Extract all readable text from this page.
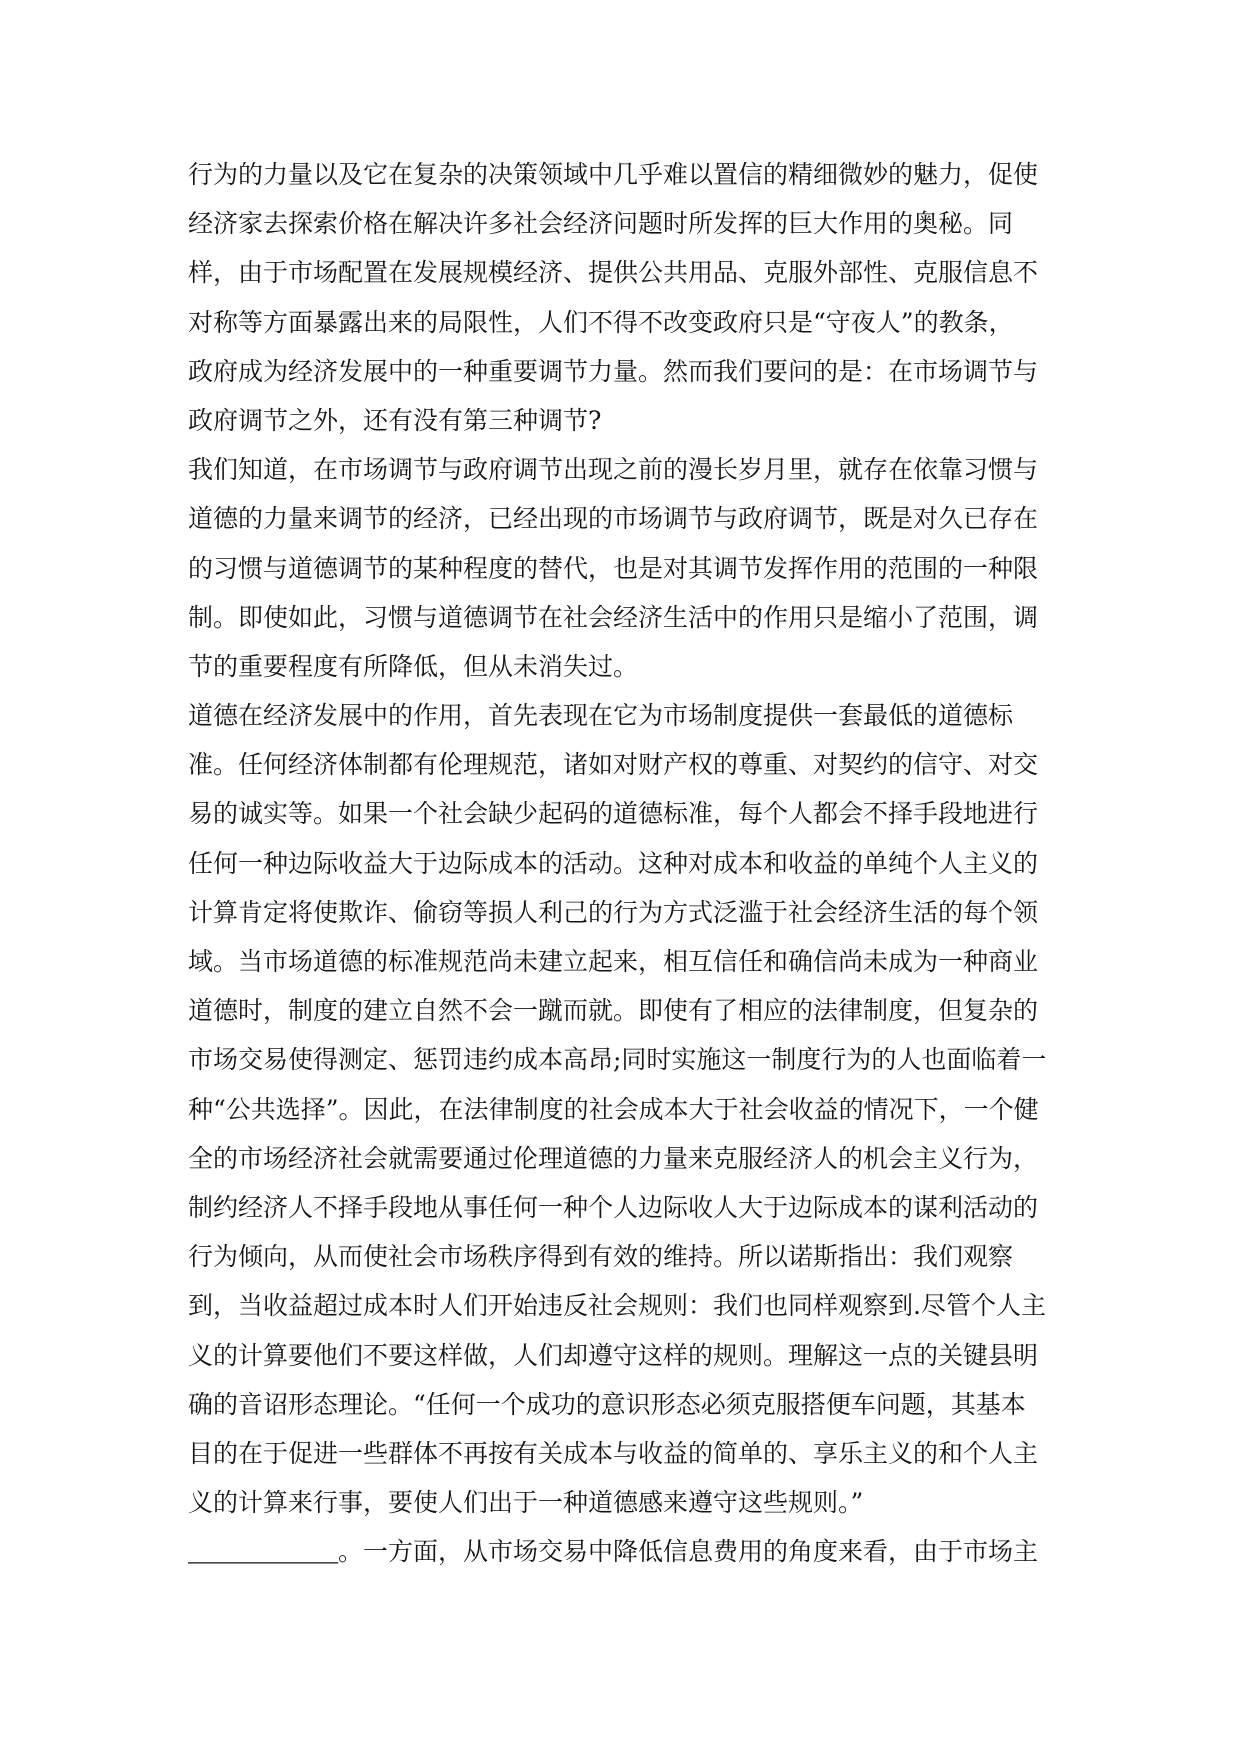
行为的力量以及它在复杂的决策领域中几乎难以置信的精细微妙的魅力，促使
经济家去探索价格在解决许多社会经济问题时所发挥的巨大作用的奥秘。同
样，由于市场配置在发展规模经济、提供公共用品、克服外部性、克服信息不
对称等方面暴露出来的局限性，人们不得不改变政府只是“守夜人”的教条，
政府成为经济发展中的一种重要调节力量。然而我们要问的是：在市场调节与
政府调节之外，还有没有第三种调节?
我们知道，在市场调节与政府调节出现之前的漫长岁月里，就存在依靠习惯与
道德的力量来调节的经济，已经出现的市场调节与政府调节，既是对久已存在
的习惯与道德调节的某种程度的替代，也是对其调节发挥作用的范围的一种限
制。即使如此，习惯与道德调节在社会经济生活中的作用只是缩小了范围，调
节的重要程度有所降低，但从未消失过。
道德在经济发展中的作用，首先表现在它为市场制度提供一套最低的道德标
准。任何经济体制都有伦理规范，诸如对财产权的尊重、对契约的信守、对交
易的诚实等。如果一个社会缺少起码的道德标准，每个人都会不择手段地进行
任何一种边际收益大于边际成本的活动。这种对成本和收益的单纯个人主义的
计算肯定将使欺诈、偷窃等损人利己的行为方式泛滥于社会经济生活的每个领
域。当市场道德的标准规范尚未建立起来，相互信任和确信尚未成为一种商业
道德时，制度的建立自然不会一蹴而就。即使有了相应的法律制度，但复杂的
市场交易使得测定、惩罚违约成本高昂;同时实施这一制度行为的人也面临着一
种“公共选择”。因此，在法律制度的社会成本大于社会收益的情况下，一个健
全的市场经济社会就需要通过伦理道德的力量来克服经济人的机会主义行为，
制约经济人不择手段地从事任何一种个人边际收人大于边际成本的谋利活动的
行为倾向，从而使社会市场秩序得到有效的维持。所以诺斯指出：我们观察
到，当收益超过成本时人们开始违反社会规则：我们也同样观察到.尽管个人主
义的计算要他们不要这样做，人们却遵守这样的规则。理解这一点的关键县明
确的音诏形态理论。“任何一个成功的意识形态必须克服搭便车问题，其基本
目的在于促进一些群体不再按有关成本与收益的简单的、享乐主义的和个人主
义的计算来行事，要使人们出于一种道德感来遵守这些规则。”
____________。一方面，从市场交易中降低信息费用的角度来看，由于市场主
